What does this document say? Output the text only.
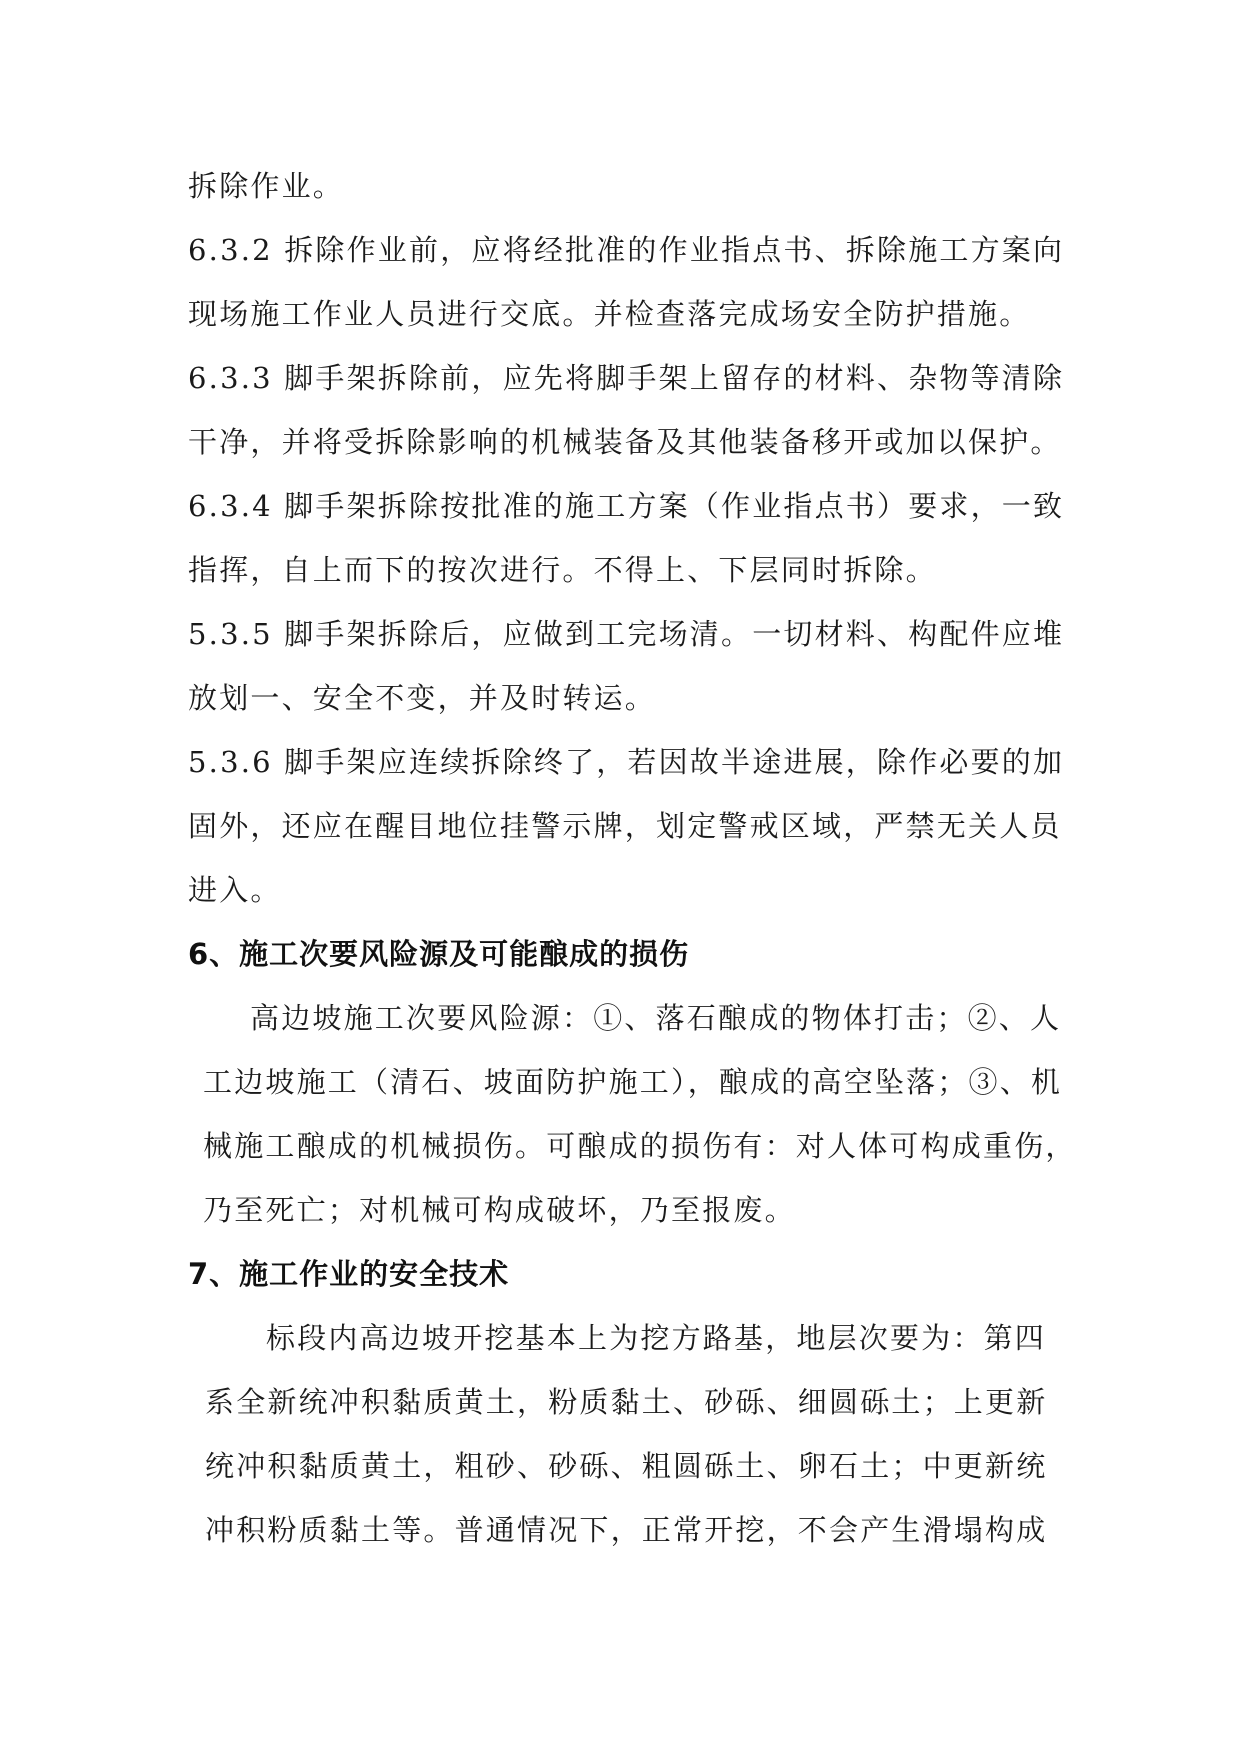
拆除作业。

6.3.2 拆除作业前，应将经批准的作业指点书、拆除施工方案向

现场施工作业人员进行交底。并检查落完成场安全防护措施。

6.3.3 脚手架拆除前，应先将脚手架上留存的材料、杂物等清除

干净，并将受拆除影响的机械装备及其他装备移开或加以保护。

6.3.4 脚手架拆除按批准的施工方案（作业指点书）要求，一致

指挥，自上而下的按次进行。不得上、下层同时拆除。

5.3.5 脚手架拆除后，应做到工完场清。一切材料、构配件应堆

放划一、安全不变，并及时转运。

5.3.6 脚手架应连续拆除终了，若因故半途进展，除作必要的加

固外，还应在醒目地位挂警示牌，划定警戒区域，严禁无关人员

进入。

6、施工次要风险源及可能酿成的损伤

高边坡施工次要风险源：①、落石酿成的物体打击；②、人

工边坡施工（清石、坡面防护施工），酿成的高空坠落；③、机

械施工酿成的机械损伤。可酿成的损伤有：对人体可构成重伤，

乃至死亡；对机械可构成破坏，乃至报废。

7、施工作业的安全技术

标段内高边坡开挖基本上为挖方路基，地层次要为：第四

系全新统冲积黏质黄土，粉质黏土、砂砾、细圆砾土；上更新

统冲积黏质黄土，粗砂、砂砾、粗圆砾土、卵石土；中更新统

冲积粉质黏土等。普通情况下，正常开挖，不会产生滑塌构成
